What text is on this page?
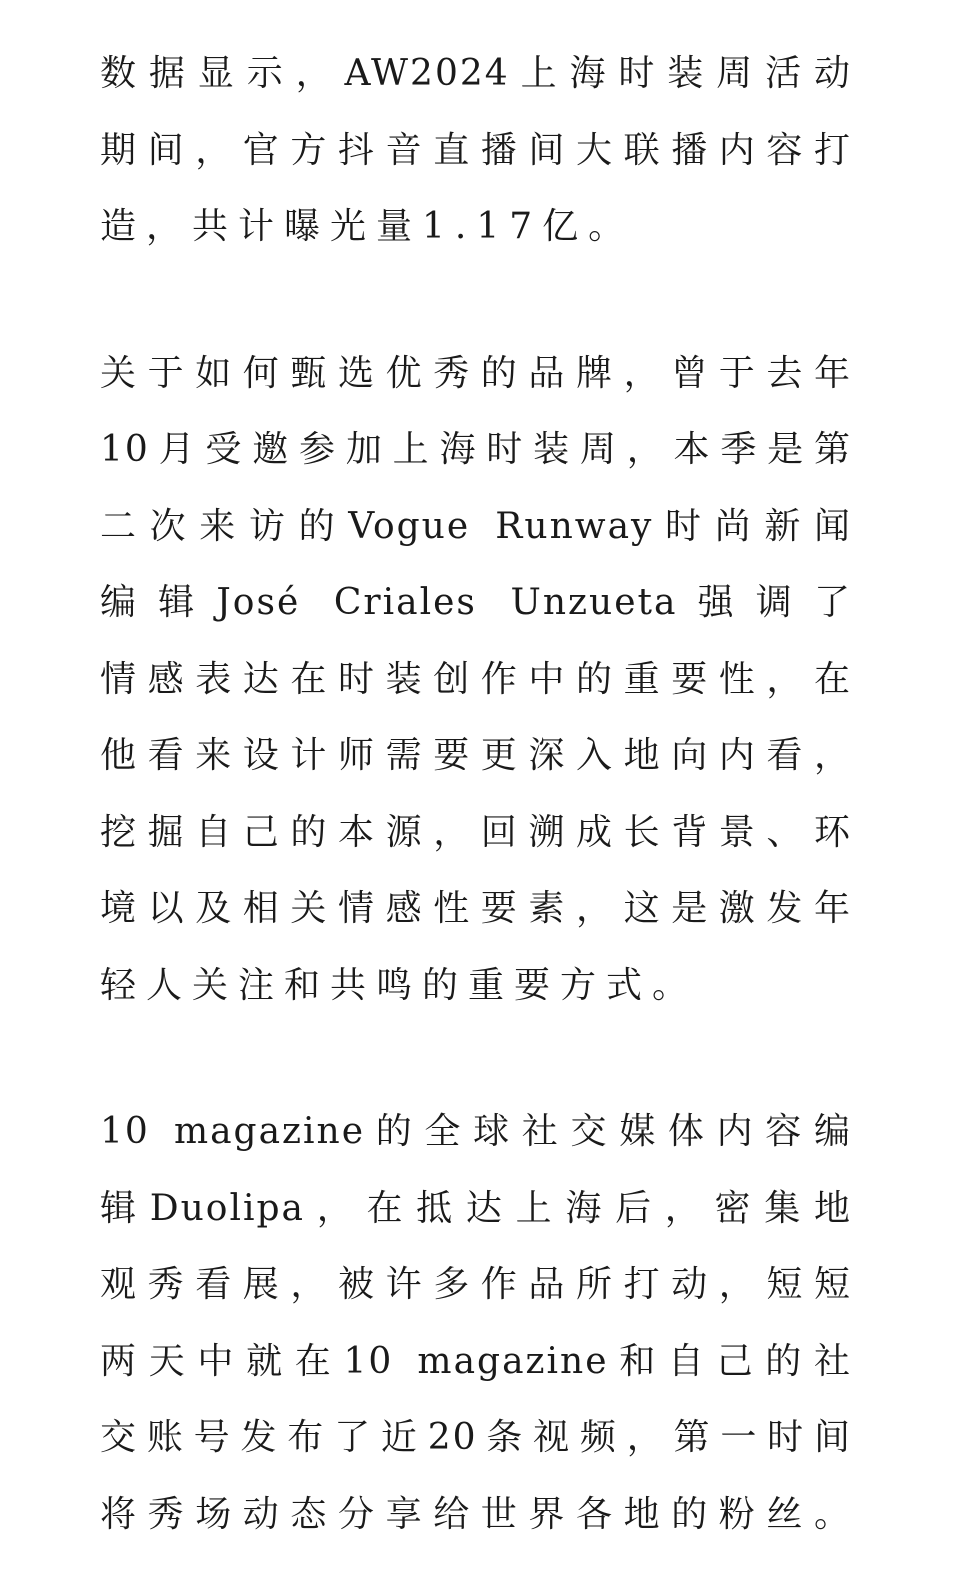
数据显示，AW2024上海时装周活动
期间，官方抖音直播间大联播内容打
造，共计曝光量1.17亿。
关于如何甄选优秀的品牌，曾于去年
10月受邀参加上海时装周，本季是第
二次来访的Vogue Runway时尚新闻
编辑José Criales Unzueta强调了
情感表达在时装创作中的重要性，在
他看来设计师需要更深入地向内看，
挖掘自己的本源，回溯成长背景、环
境以及相关情感性要素，这是激发年
轻人关注和共鸣的重要方式。
10 magazine的全球社交媒体内容编
辑Duolipa，在抵达上海后，密集地
观秀看展，被许多作品所打动，短短
两天中就在10 magazine和自己的社
交账号发布了近20条视频，第一时间
将秀场动态分享给世界各地的粉丝。
